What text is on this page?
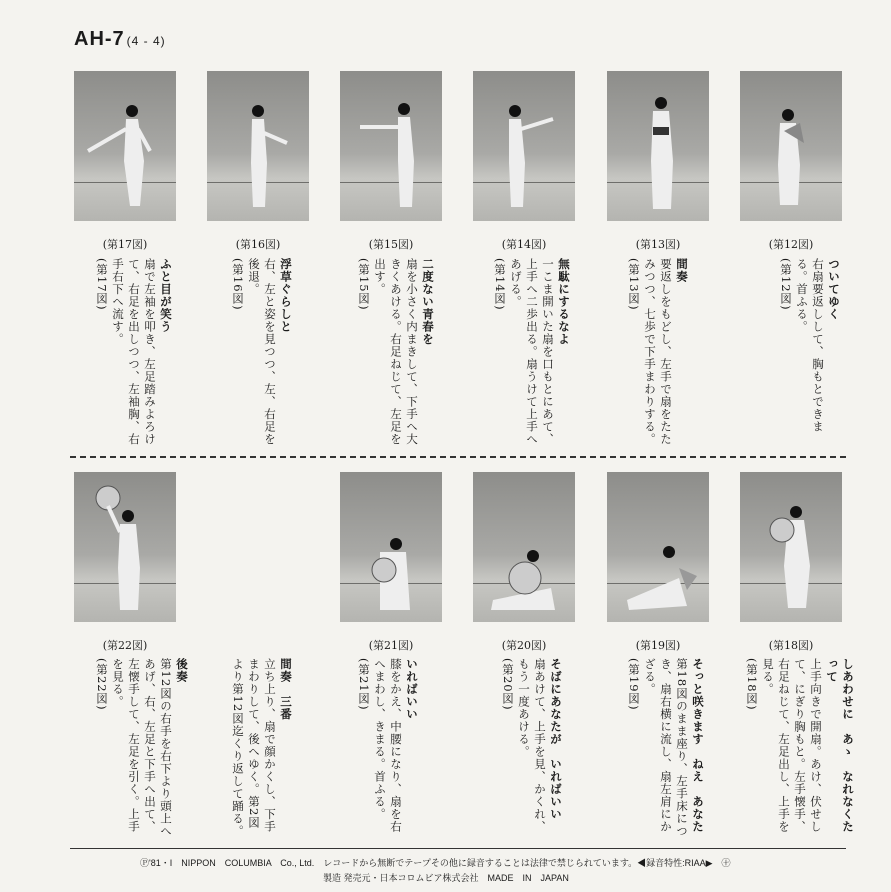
AH-7 (4 - 4)
(第17図)	(第16図)	(第15図)	(第14図)	(第13図)	(第12図)
ふと目が笑う
扇で左袖を叩き、左足踏みよろけて、右足を出しつつ、左袖胸、右手右下へ流す。
(第17図)	浮草ぐらしと
右、左と姿を見つつ、左、右足を後退。
(第16図)	二度ない青春を
扇を小さく内まきして、下手へ大きくあける。右足ねじて、左足を出す。
(第15図)	無駄にするなよ
一こま開いた扇を口もとにあて、上手へ二歩出る。扇うけて上手へあげる。
(第14図)	間奏
要返しをもどし、左手で扇をたたみつつ、七歩で下手まわりする。
(第13図)	ついてゆく
右扇要返しして、胸もとできまる。首ふる。
(第12図)
(第22図)	(第21図)	(第20図)	(第19図)	(第18図)
後奏
第12図の右手を右下より頭上へあげ、右、左足と下手へ出て、左懐手して、左足を引く。上手を見る。
(第22図)	間奏　三番
立ち上り、扇で顔かくし、下手まわりして、後へゆく。第2図より第12図迄くり返して踊る。	いればいい
膝をかえ、中腰になり、扇を右へまわし、きまる。首ふる。
(第21図)	そばにあなたが　いればいい
扇あけて、上手を見、かくれ、もう一度あける。
(第20図)	そっと咲きます　ねえ　あなた
第18図のまま座り、左手床につき、扇右横に流し、扇左肩にかざる。
(第19図)	しあわせに　あゝ　なれなくたって
上手向きで開扇。あけ、伏せして、にぎり胸もと。左手懐手、右足ねじて、左足出し、上手を見る。
(第18図)
Ⓟ'81・I　NIPPON　COLUMBIA　Co., Ltd.　レコードから無断でテープその他に録音することは法律で禁じられています。◀録音特性:RIAA▶　㊉
製造 発売元・日本コロムビア株式会社　MADE　IN　JAPAN
